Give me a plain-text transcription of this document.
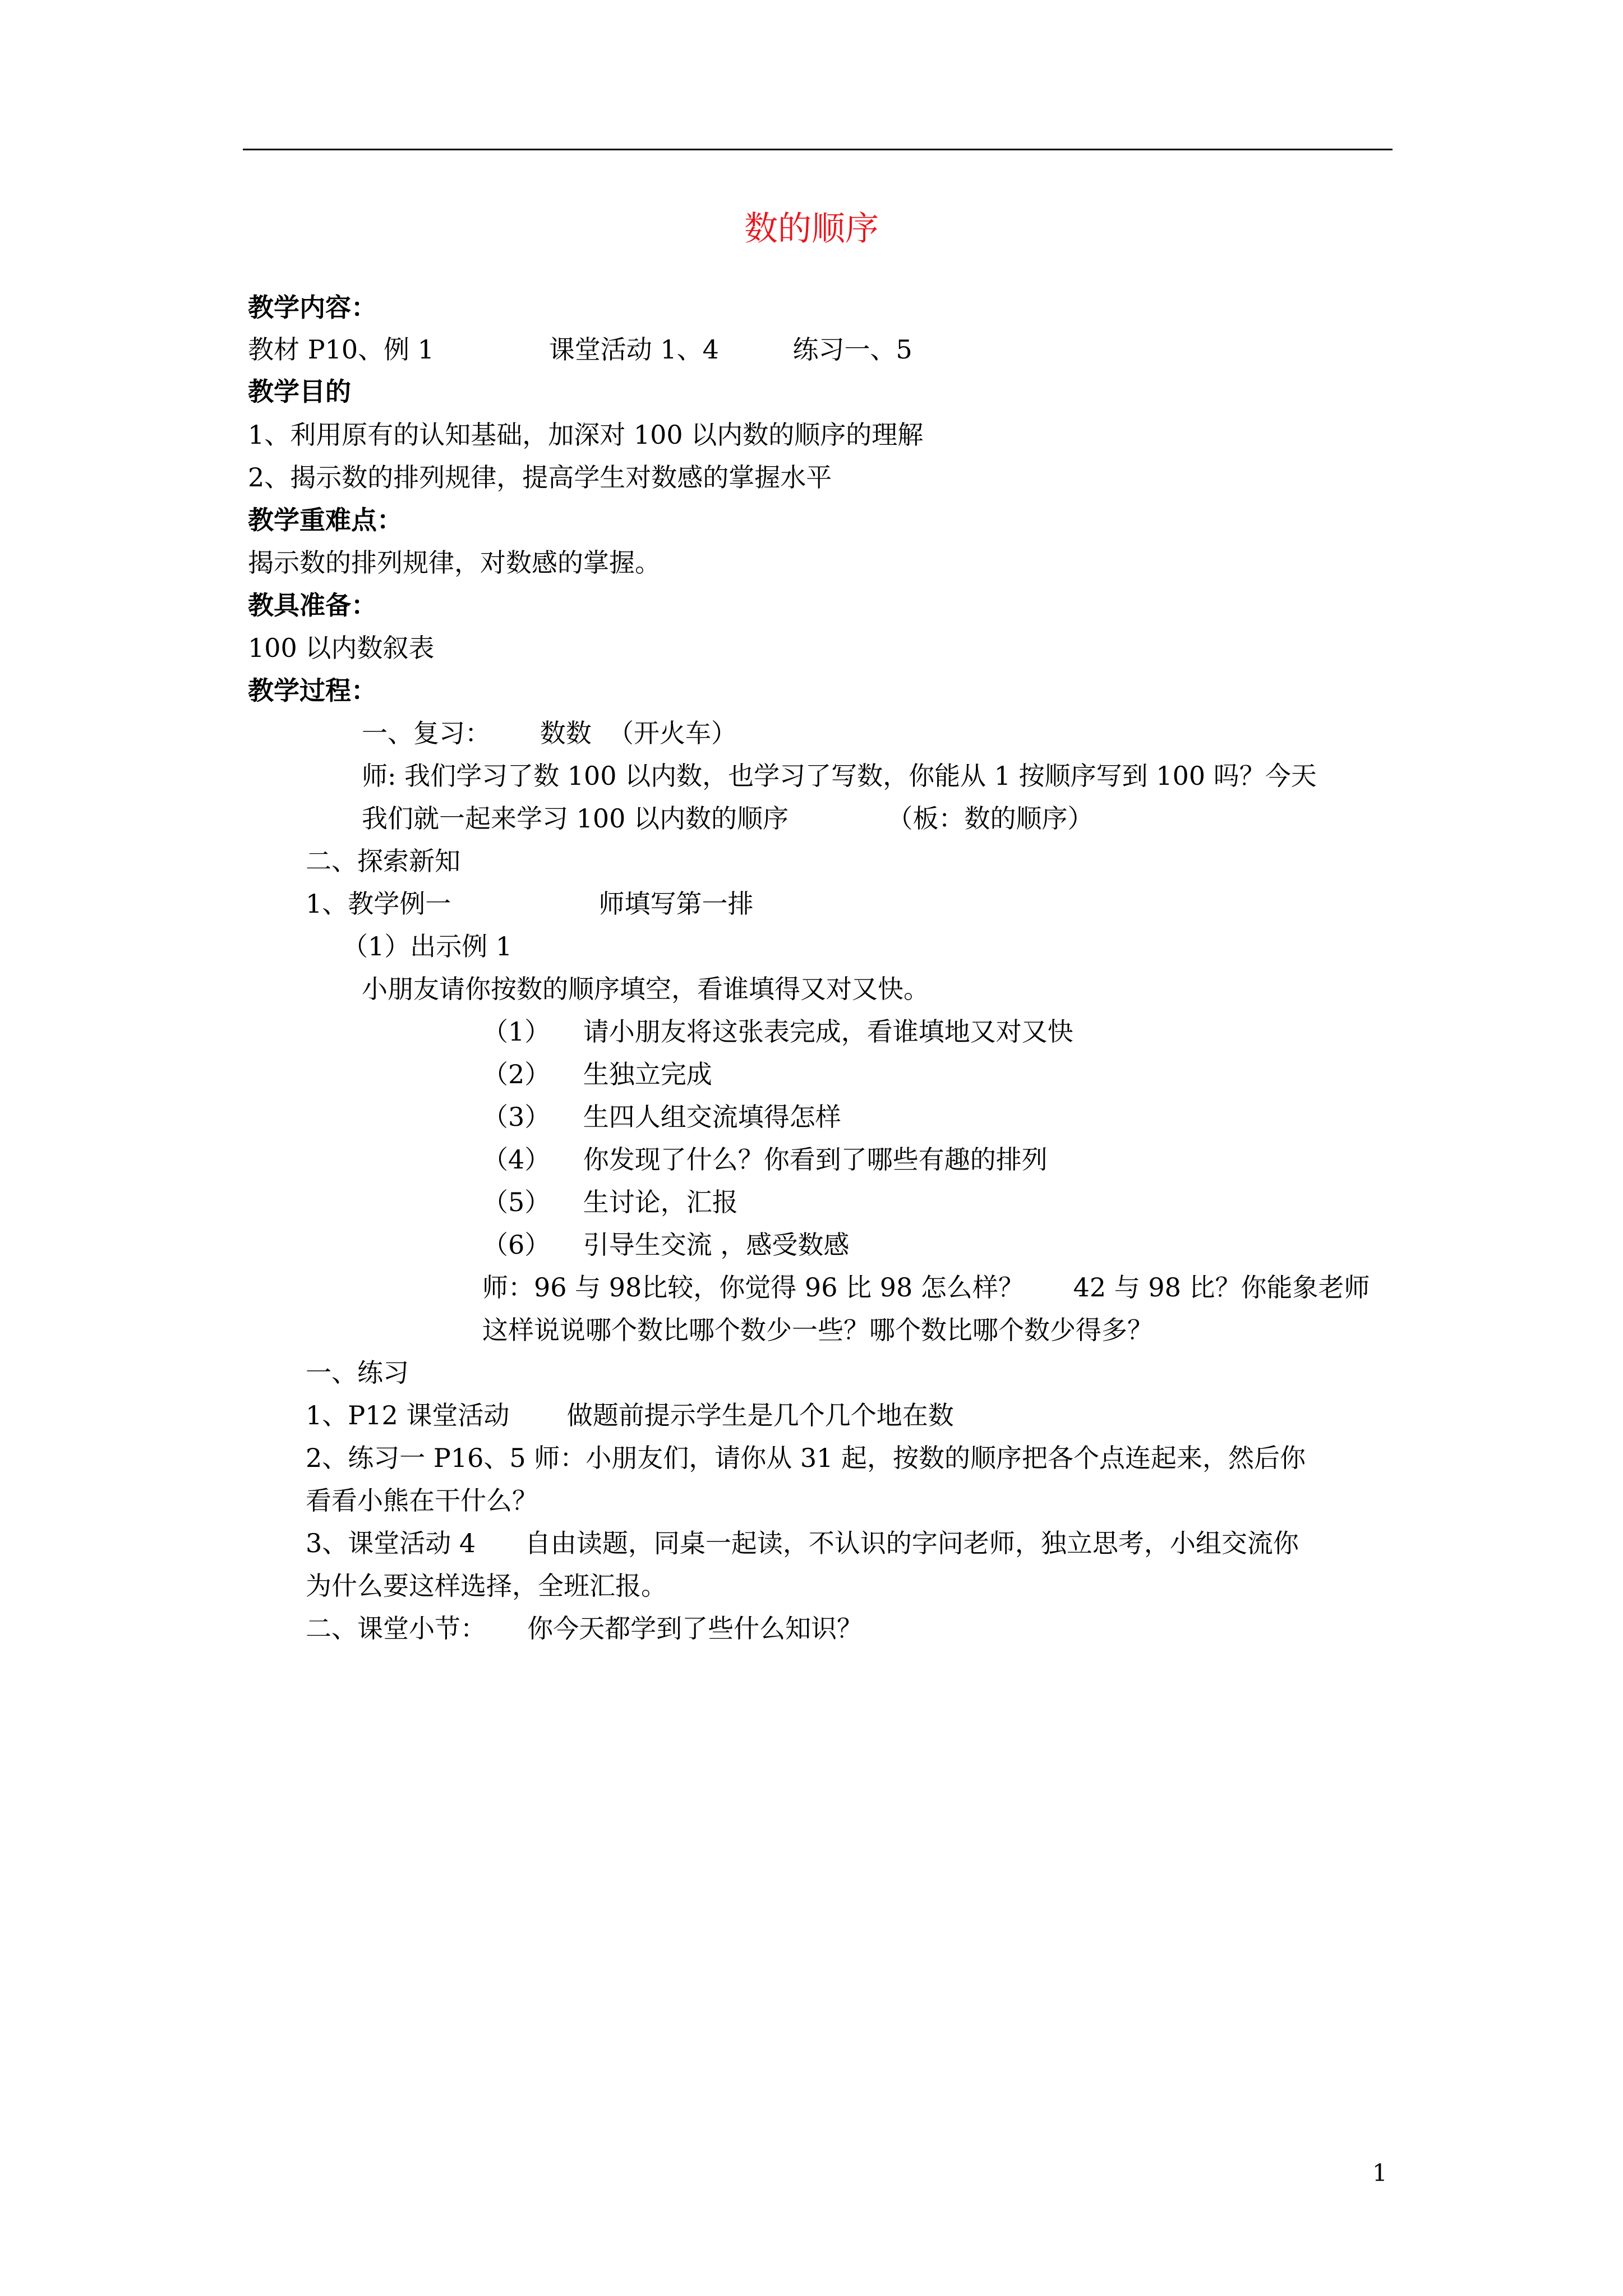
数的顺序
教学内容：
教材 P10、例 1              课堂活动 1、4         练习一、5
教学目的
1、利用原有的认知基础，加深对 100 以内数的顺序的理解
2、揭示数的排列规律，提高学生对数感的掌握水平
教学重难点：
揭示数的排列规律，对数感的掌握。
教具准备：
100 以内数叙表
教学过程：
一、复习：      数数  （开火车）
师: 我们学习了数 100 以内数，也学习了写数，你能从 1 按顺序写到 100 吗？今天
我们就一起来学习 100 以内数的顺序            （板：数的顺序）
二、探索新知
1、教学例一                  师填写第一排
（1）出示例 1
小朋友请你按数的顺序填空，看谁填得又对又快。
（1）    请小朋友将这张表完成，看谁填地又对又快
（2）    生独立完成
（3）    生四人组交流填得怎样
（4）    你发现了什么？你看到了哪些有趣的排列
（5）    生讨论，汇报
（6）    引导生交流 ，感受数感
师：96 与 98比较，你觉得 96 比 98 怎么样？      42 与 98 比？你能象老师
这样说说哪个数比哪个数少一些？哪个数比哪个数少得多？
一、练习
1、P12 课堂活动       做题前提示学生是几个几个地在数
2、练习一 P16、5 师：小朋友们，请你从 31 起，按数的顺序把各个点连起来，然后你
看看小熊在干什么？
3、课堂活动 4      自由读题，同桌一起读，不认识的字问老师，独立思考，小组交流你
为什么要这样选择，全班汇报。
二、课堂小节：     你今天都学到了些什么知识？
1
